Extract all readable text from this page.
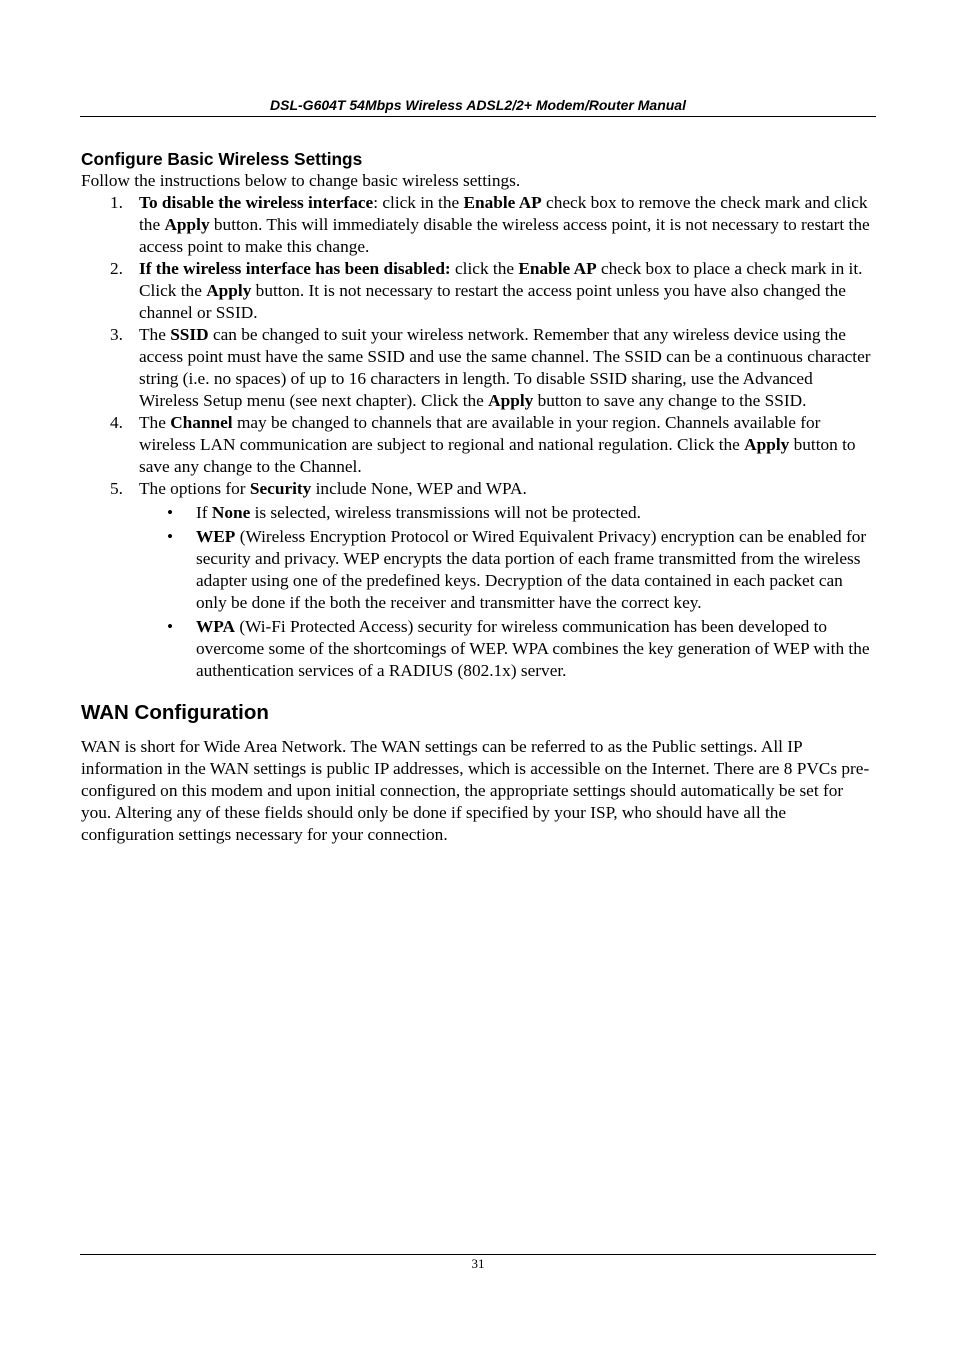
DSL-G604T 54Mbps Wireless ADSL2/2+ Modem/Router Manual
Configure Basic Wireless Settings

Follow the instructions below to change basic wireless settings.

1. To disable the wireless interface: click in the Enable AP check box to remove the check mark and click the Apply button. This will immediately disable the wireless access point, it is not necessary to restart the access point to make this change.
2. If the wireless interface has been disabled: click the Enable AP check box to place a check mark in it. Click the Apply button. It is not necessary to restart the access point unless you have also changed the channel or SSID.
3. The SSID can be changed to suit your wireless network. Remember that any wireless device using the access point must have the same SSID and use the same channel. The SSID can be a continuous character string (i.e. no spaces) of up to 16 characters in length. To disable SSID sharing, use the Advanced Wireless Setup menu (see next chapter). Click the Apply button to save any change to the SSID.
4. The Channel may be changed to channels that are available in your region. Channels available for wireless LAN communication are subject to regional and national regulation. Click the Apply button to save any change to the Channel.
5. The options for Security include None, WEP and WPA.
• If None is selected, wireless transmissions will not be protected.
• WEP (Wireless Encryption Protocol or Wired Equivalent Privacy) encryption can be enabled for security and privacy. WEP encrypts the data portion of each frame transmitted from the wireless adapter using one of the predefined keys. Decryption of the data contained in each packet can only be done if the both the receiver and transmitter have the correct key.
• WPA (Wi-Fi Protected Access) security for wireless communication has been developed to overcome some of the shortcomings of WEP. WPA combines the key generation of WEP with the authentication services of a RADIUS (802.1x) server.
WAN Configuration

WAN is short for Wide Area Network. The WAN settings can be referred to as the Public settings. All IP information in the WAN settings is public IP addresses, which is accessible on the Internet. There are 8 PVCs pre-configured on this modem and upon initial connection, the appropriate settings should automatically be set for you. Altering any of these fields should only be done if specified by your ISP, who should have all the configuration settings necessary for your connection.

31
